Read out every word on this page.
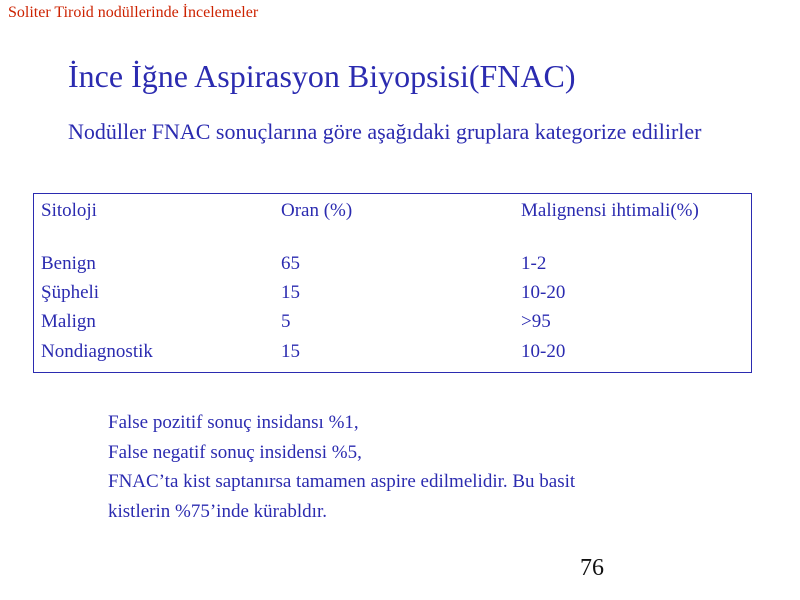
Soliter Tiroid nodüllerinde İncelemeler
İnce İğne Aspirasyon Biyopsisi(FNAC)
Nodüller FNAC sonuçlarına göre aşağıdaki gruplara kategorize edilirler
Sitoloji	Oran (%)	Malignensi ihtimali(%)
Benign	65	1-2
Şüpheli	15	10-20
Malign	5	>95
Nondiagnostik	15	10-20
False pozitif sonuç insidansı %1,
False negatif sonuç insidensi %5,
FNAC’ta kist saptanırsa tamamen aspire edilmelidir. Bu basit
kistlerin %75’inde kürabldır.
76
